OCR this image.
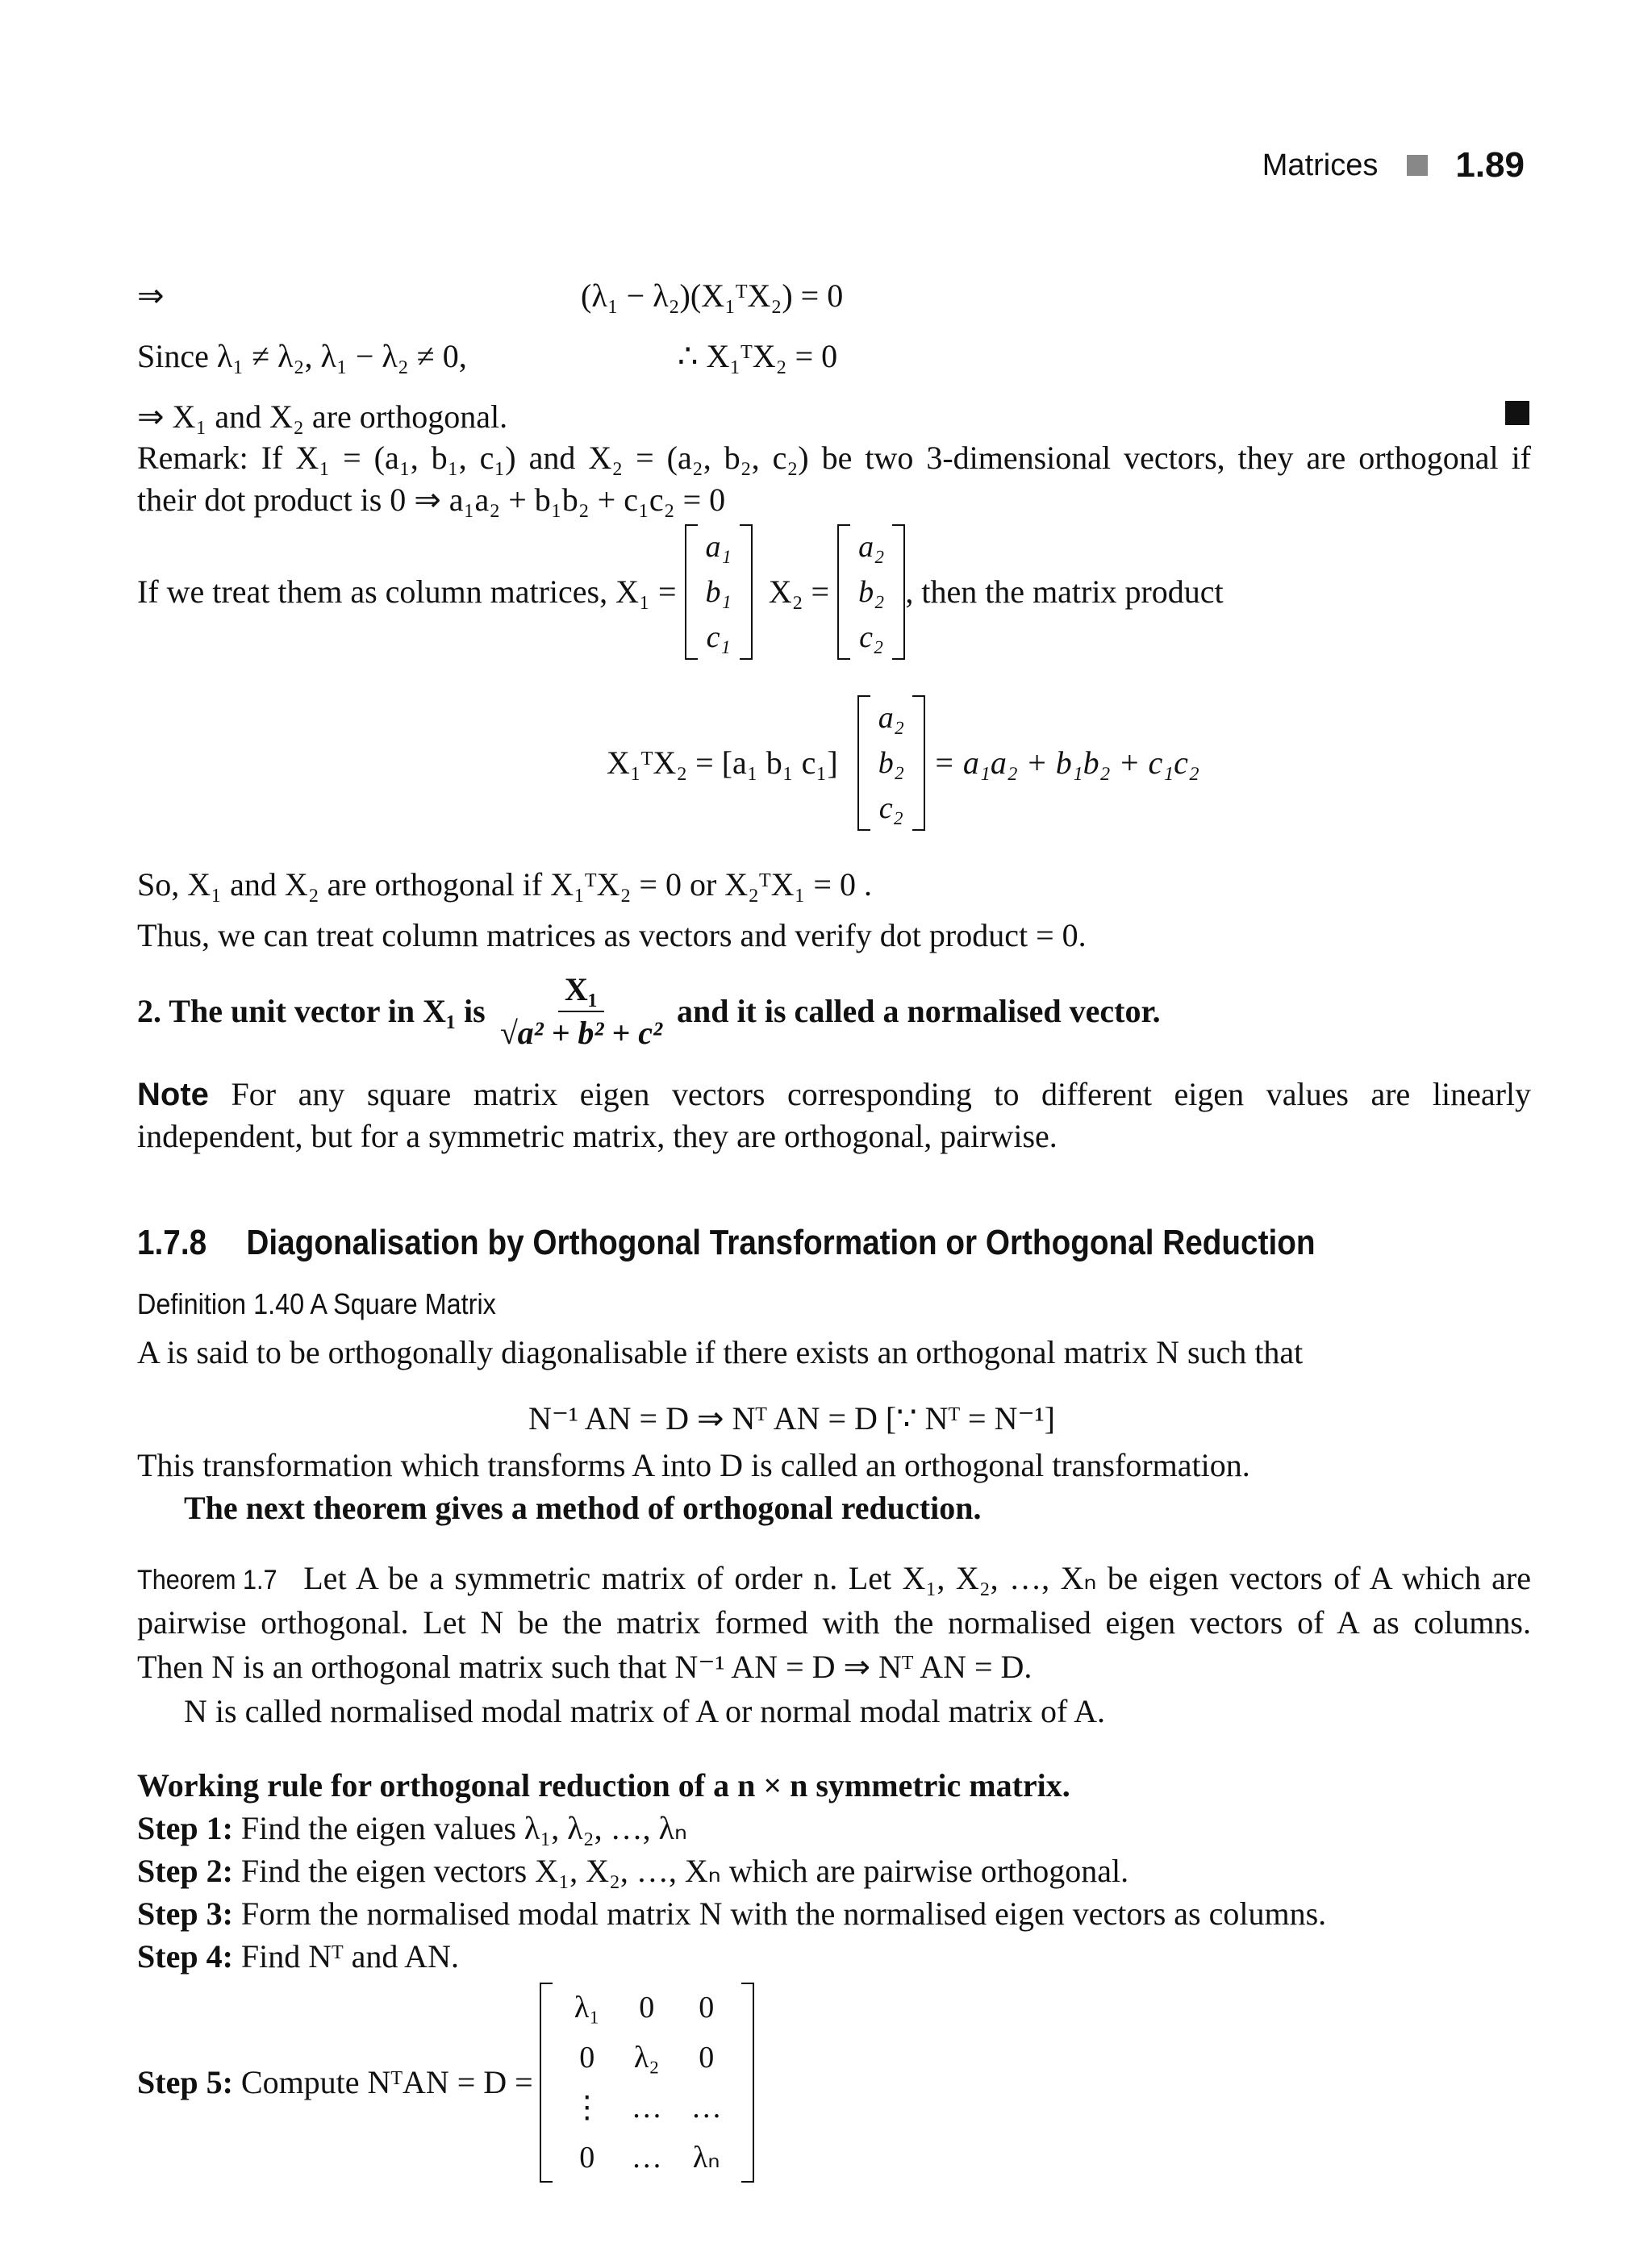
Matrices 1.89
⇒	(λ₁ − λ₂)(X₁ᵀX₂) = 0
Since λ₁ ≠ λ₂, λ₁ − λ₂ ≠ 0,	∴ X₁ᵀX₂ = 0
⇒ X₁ and X₂ are orthogonal.
Remark: If X₁ = (a₁, b₁, c₁) and X₂ = (a₂, b₂, c₂) be two 3-dimensional vectors, they are orthogonal if
their dot product is 0 ⇒ a₁a₂ + b₁b₂ + c₁c₂ = 0
If we treat them as column matrices, X₁ =
a₁
b₁
c₁
X₂ =
a₂
b₂
c₂
, then the matrix product
X₁ᵀX₂ = [a₁ b₁ c₁]
a₂
b₂
c₂
= a₁a₂ + b₁b₂ + c₁c₂
So, X₁ and X₂ are orthogonal if X₁ᵀX₂ = 0 or X₂ᵀX₁ = 0 .
Thus, we can treat column matrices as vectors and verify dot product = 0.
2. The unit vector in X₁ is $\frac{\text{X₁}}{\text{√a² + b² + c²}}$ and it is called a normalised vector.
Note For any square matrix eigen vectors corresponding to different eigen values are linearly
independent, but for a symmetric matrix, they are orthogonal, pairwise.
1.7.8 Diagonalisation by Orthogonal Transformation or Orthogonal Reduction
Definition 1.40 A Square Matrix
A is said to be orthogonally diagonalisable if there exists an orthogonal matrix N such that
N⁻¹ AN = D ⇒ Nᵀ AN = D [∵ Nᵀ = N⁻¹]
This transformation which transforms A into D is called an orthogonal transformation.
The next theorem gives a method of orthogonal reduction.
Theorem 1.7 Let A be a symmetric matrix of order n. Let X₁, X₂, …, Xₙ be eigen vectors of A which are
pairwise orthogonal. Let N be the matrix formed with the normalised eigen vectors of A as columns.
Then N is an orthogonal matrix such that N⁻¹ AN = D ⇒ Nᵀ AN = D.
N is called normalised modal matrix of A or normal modal matrix of A.
Working rule for orthogonal reduction of a n × n symmetric matrix.
Step 1: Find the eigen values λ₁, λ₂, …, λₙ
Step 2: Find the eigen vectors X₁, X₂, …, Xₙ which are pairwise orthogonal.
Step 3: Form the normalised modal matrix N with the normalised eigen vectors as columns.
Step 4: Find Nᵀ and AN.
Step 5: Compute NᵀAN = D =
λ₁	0	0
0	λ₂	0
⋮ … …
0	…	λₙ
